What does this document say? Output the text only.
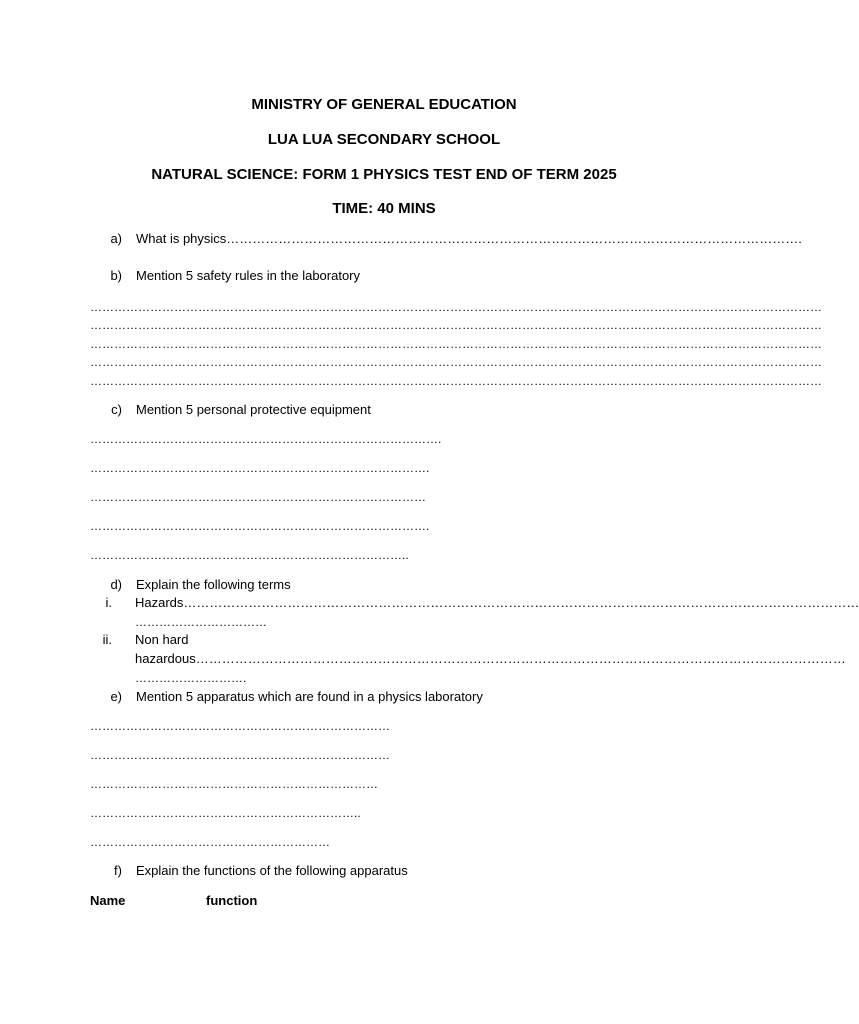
MINISTRY OF GENERAL EDUCATION
LUA LUA SECONDARY SCHOOL
NATURAL SCIENCE: FORM 1 PHYSICS TEST END OF TERM 2025
TIME: 40 MINS
a) What is physics…………………………………………………………………………………………………………………….
b) Mention 5 safety rules in the laboratory
…………………………………………………………………………………………………………………………………………………………………
…………………………………………………………………………………………………………………………………………………………………
…………………………………………………………………………………………………………………………………………………………………
…………………………………………………………………………………………………………………………………………………………………
…………………………………………………………………………………………………………………………………………………………………
c) Mention 5 personal protective equipment
…………………………………………………………………………….
………………………………………………………………………….
…………………………………………………………………………
………………………………………………………………………….
……………………………………………………………………..
d) Explain the following terms
i. Hazards…………………………………………………………………………………………………………………………………………
……………………………
ii. Non hard
hazardous……………………………………………………………………………………………………………………………………
……………………….
e) Mention 5 apparatus which are found in a physics laboratory
…………………………………………………………………
…………………………………………………………………
………………………………………………………………
…………………………………………………………..
……………………………………………………
f) Explain the functions of the following apparatus
Name	function
